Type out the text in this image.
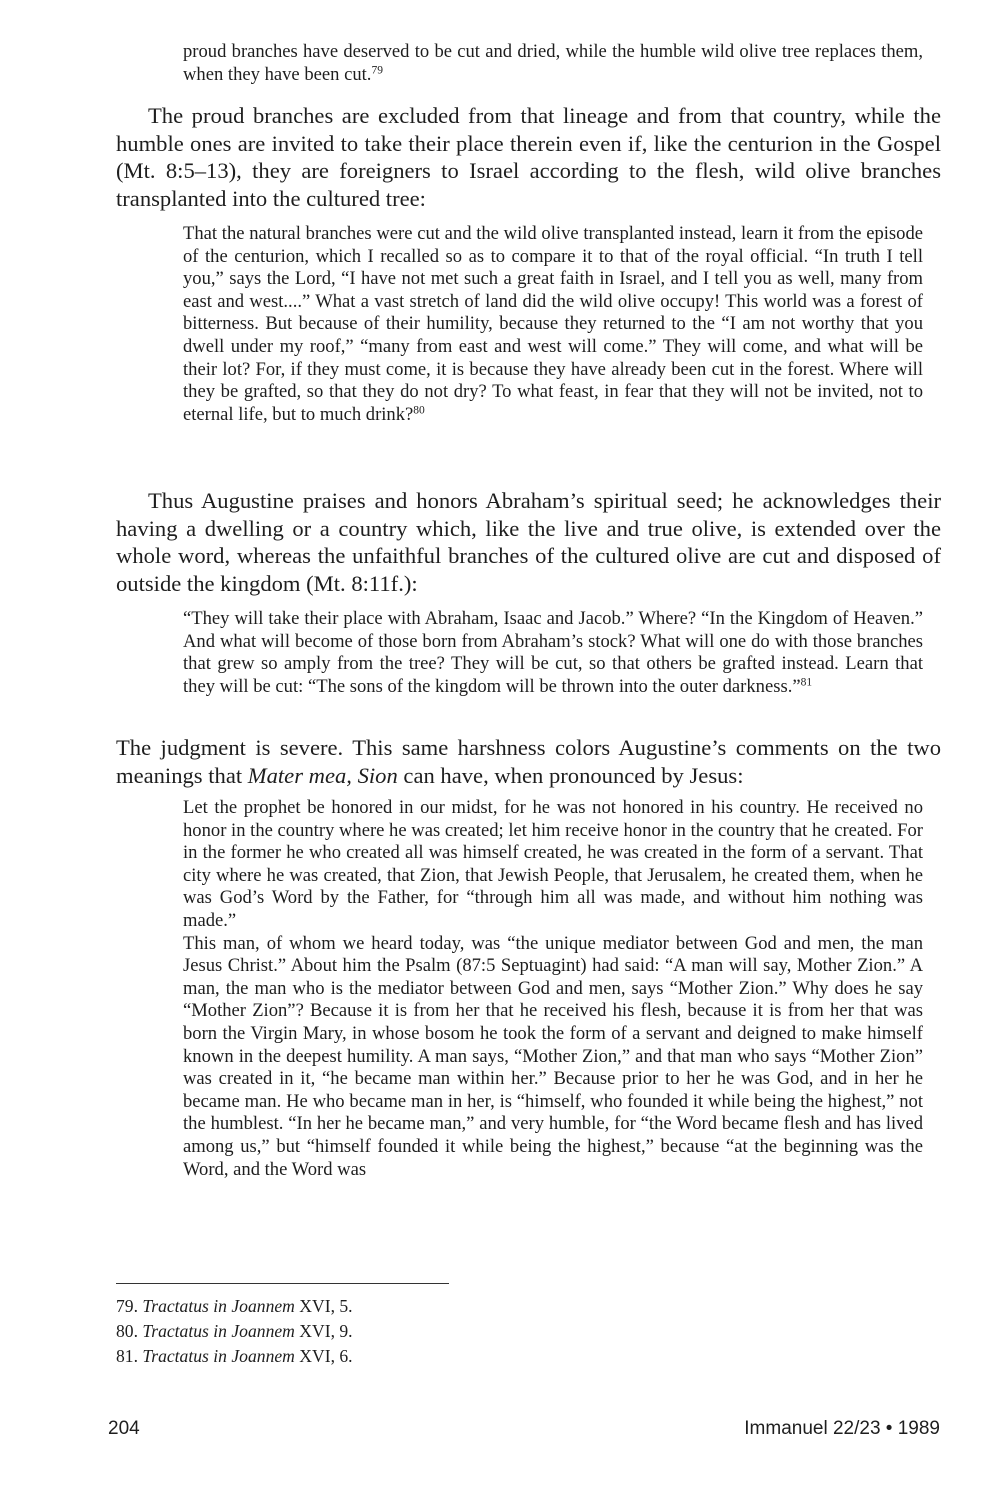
proud branches have deserved to be cut and dried, while the humble wild olive tree replaces them, when they have been cut.$^{79}$
The proud branches are excluded from that lineage and from that country, while the humble ones are invited to take their place therein even if, like the centurion in the Gospel (Mt. 8:5–13), they are foreigners to Israel according to the flesh, wild olive branches transplanted into the cultured tree:
That the natural branches were cut and the wild olive transplanted instead, learn it from the episode of the centurion, which I recalled so as to compare it to that of the royal official. “In truth I tell you,” says the Lord, “I have not met such a great faith in Israel, and I tell you as well, many from east and west....” What a vast stretch of land did the wild olive occupy! This world was a forest of bitterness. But because of their humility, because they returned to the “I am not worthy that you dwell under my roof,” “many from east and west will come.” They will come, and what will be their lot? For, if they must come, it is because they have already been cut in the forest. Where will they be grafted, so that they do not dry? To what feast, in fear that they will not be invited, not to eternal life, but to much drink?$^{80}$
Thus Augustine praises and honors Abraham’s spiritual seed; he acknowledges their having a dwelling or a country which, like the live and true olive, is extended over the whole word, whereas the unfaithful branches of the cultured olive are cut and disposed of outside the kingdom (Mt. 8:11f.):
“They will take their place with Abraham, Isaac and Jacob.” Where? “In the Kingdom of Heaven.” And what will become of those born from Abraham’s stock? What will one do with those branches that grew so amply from the tree? They will be cut, so that others be grafted instead. Learn that they will be cut: “The sons of the kingdom will be thrown into the outer darkness.”$^{81}$
The judgment is severe. This same harshness colors Augustine’s comments on the two meanings that Mater mea, Sion can have, when pronounced by Jesus:
Let the prophet be honored in our midst, for he was not honored in his country. He received no honor in the country where he was created; let him receive honor in the country that he created. For in the former he who created all was himself created, he was created in the form of a servant. That city where he was created, that Zion, that Jewish People, that Jerusalem, he created them, when he was God’s Word by the Father, for “through him all was made, and without him nothing was made.”
This man, of whom we heard today, was “the unique mediator between God and men, the man Jesus Christ.” About him the Psalm (87:5 Septuagint) had said: “A man will say, Mother Zion.” A man, the man who is the mediator between God and men, says “Mother Zion.” Why does he say “Mother Zion”? Because it is from her that he received his flesh, because it is from her that was born the Virgin Mary, in whose bosom he took the form of a servant and deigned to make himself known in the deepest humility. A man says, “Mother Zion,” and that man who says “Mother Zion” was created in it, “he became man within her.” Because prior to her he was God, and in her he became man. He who became man in her, is “himself, who founded it while being the highest,” not the humblest. “In her he became man,” and very humble, for “the Word became flesh and has lived among us,” but “himself founded it while being the highest,” because “at the beginning was the Word, and the Word was
79. Tractatus in Joannem XVI, 5.
80. Tractatus in Joannem XVI, 9.
81. Tractatus in Joannem XVI, 6.
204	Immanuel 22/23 • 1989
